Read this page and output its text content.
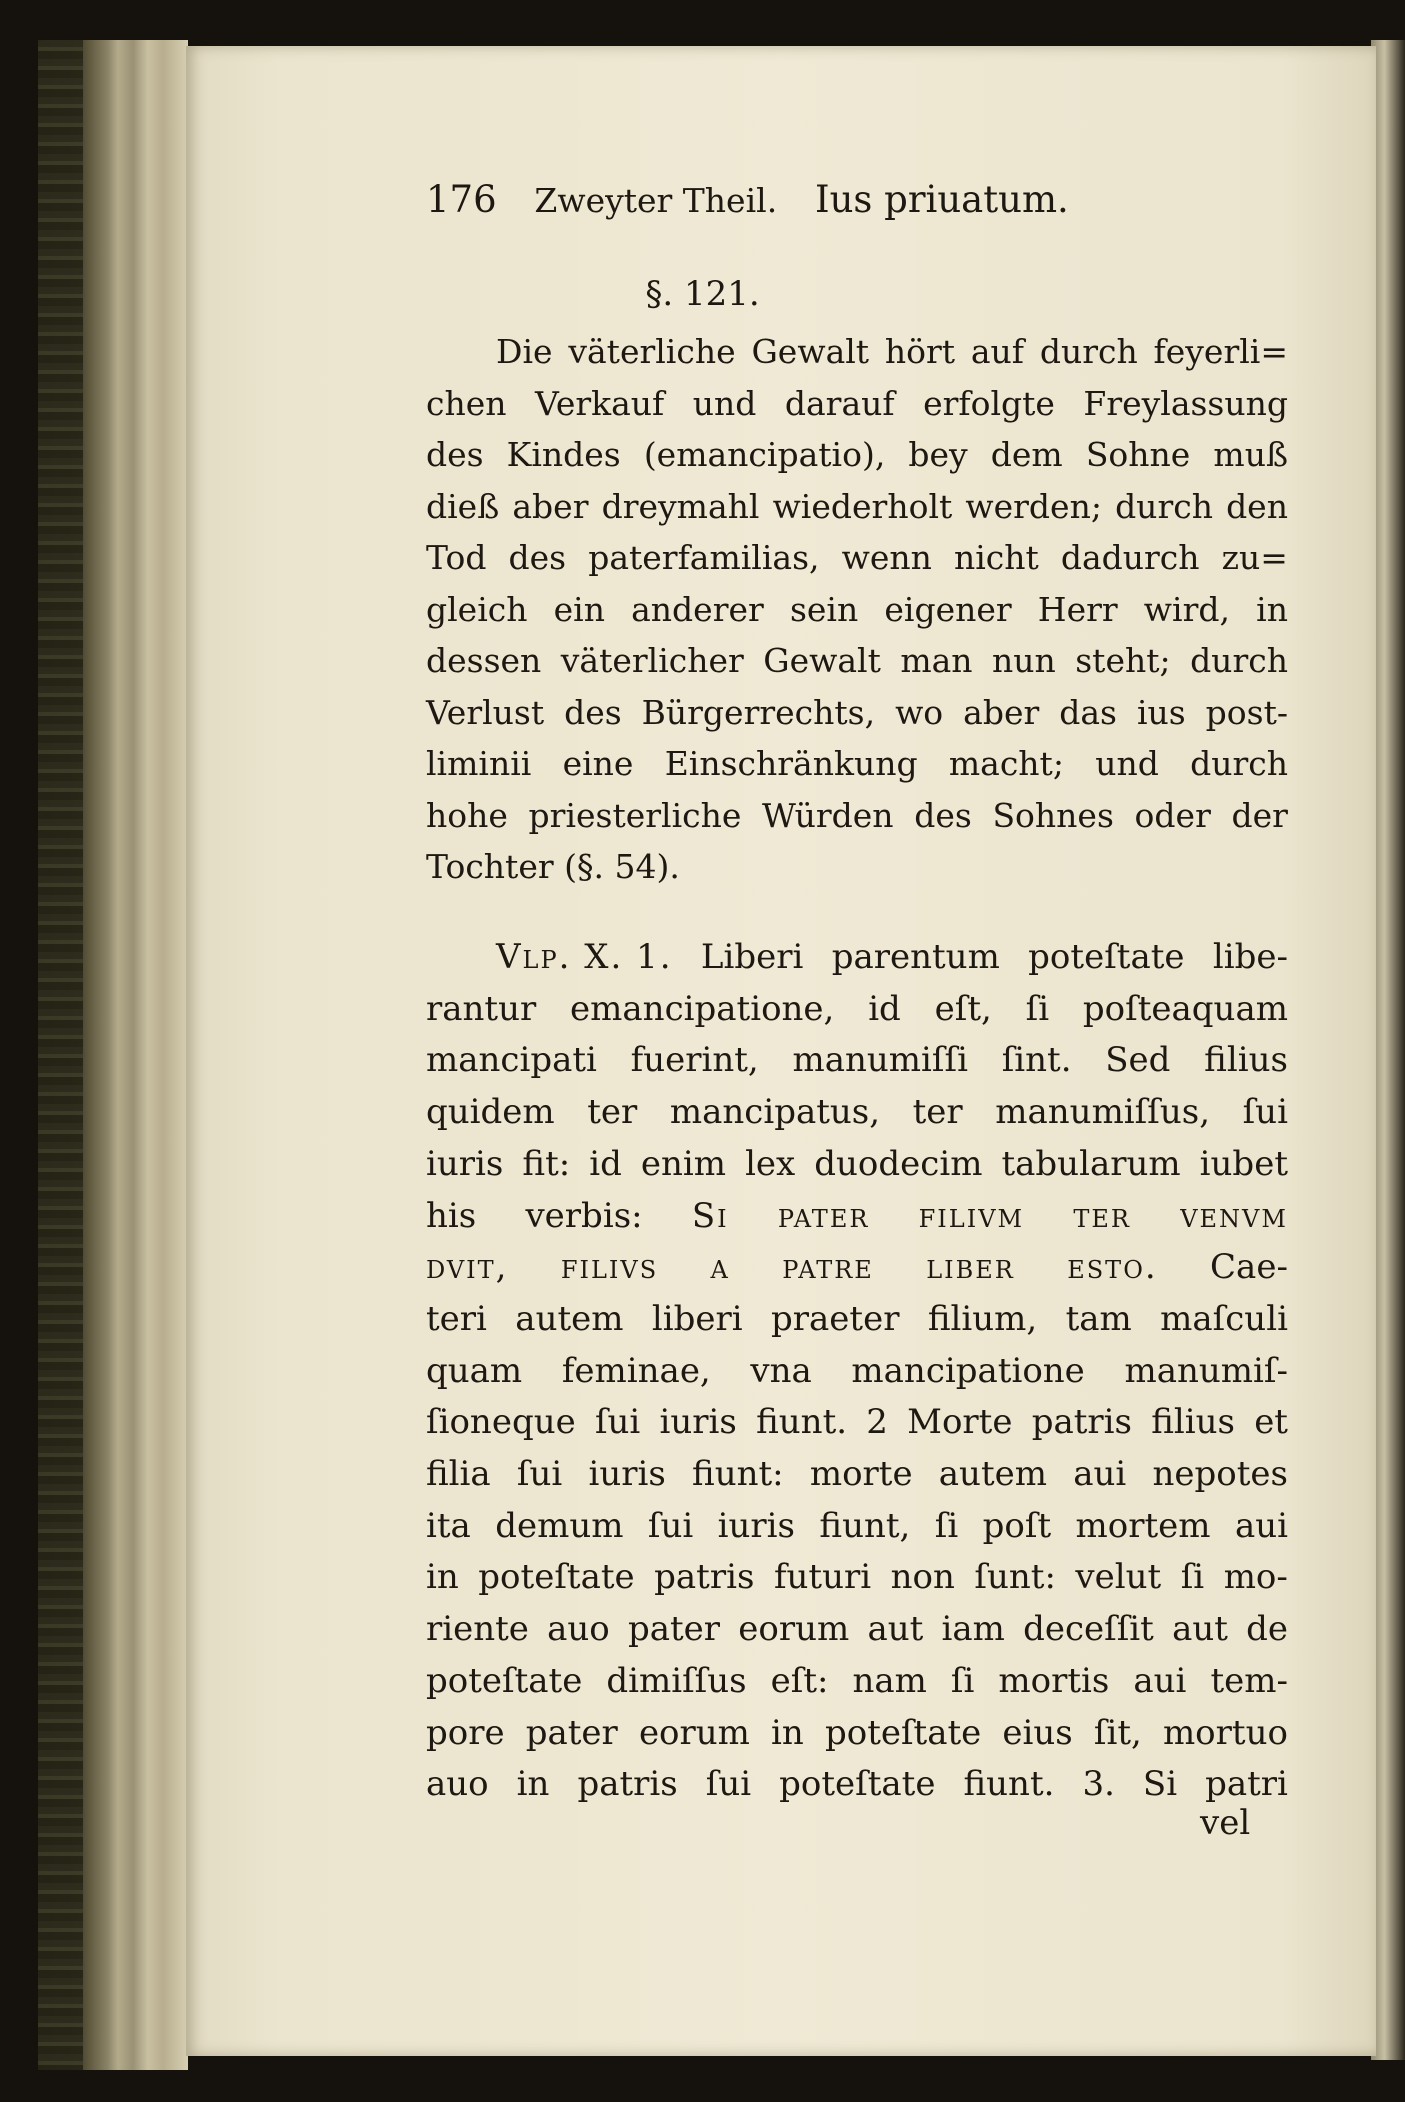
176 Zweyter Theil. Ius priuatum.
§. 121.
Die väterliche Gewalt hört auf durch feyerli=
chen Verkauf und darauf erfolgte Freylassung
des Kindes (emancipatio), bey dem Sohne muß
dieß aber dreymahl wiederholt werden; durch den
Tod des paterfamilias, wenn nicht dadurch zu=
gleich ein anderer sein eigener Herr wird, in
dessen väterlicher Gewalt man nun steht; durch
Verlust des Bürgerrechts, wo aber das ius post-
liminii eine Einschränkung macht; und durch
hohe priesterliche Würden des Sohnes oder der
Tochter (§. 54).
Vlp. X. 1. Liberi parentum poteſtate libe-
rantur emancipatione, id eſt, ſi poſteaquam
mancipati fuerint, manumiſſi ſint. Sed filius
quidem ter mancipatus, ter manumiſſus, ſui
iuris fit: id enim lex duodecim tabularum iubet
his verbis: Si pater filivm ter venvm
dvit, filivs a patre liber esto. Cae-
teri autem liberi praeter filium, tam maſculi
quam feminae, vna mancipatione manumiſ-
ſioneque ſui iuris fiunt. 2 Morte patris filius et
filia ſui iuris fiunt: morte autem aui nepotes
ita demum ſui iuris fiunt, ſi poſt mortem aui
in poteſtate patris futuri non ſunt: velut ſi mo-
riente auo pater eorum aut iam deceſſit aut de
poteſtate dimiſſus eſt: nam ſi mortis aui tem-
pore pater eorum in poteſtate eius ſit, mortuo
auo in patris ſui poteſtate fiunt. 3. Si patri
vel
